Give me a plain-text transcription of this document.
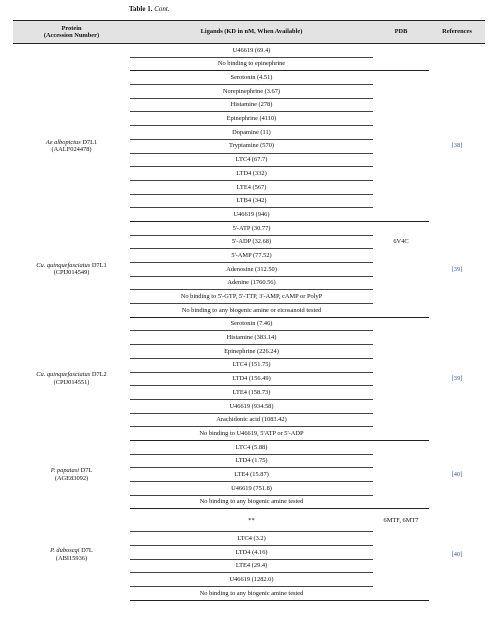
Table 1. Cont.
Protein
(Accession Number)	Ligands (KD in nM, When Available)	PDB	References

	U46619 (69.4)		
	No binding to epinephrine		

Ae albopictus D7L1
(AALF024478)	Serotonin (4.51)		[38]
	Norepinephrine (3.67)		
	Histamine (278)		
	Epinephrine (4110)		
	Dopamine (11)		
	Tryptamine (570)		
	LTC4 (67.7)		
	LTD4 (332)		
	LTE4 (567)		
	LTB4 (342)		
	U46619 (946)		

Cu. quinquefasciatus D7L1
(CPIJ014549)	5'-ATP (30.77)		[39]
	5'-ADP (32.68)	6V4C	
	5'-AMP (77.52)		
	Adenosine (312.50)		
	Adenine (1760.56)		
	No binding to 5'-GTP, 5'-TTP, 3'-AMP, cAMP or PolyP		
	No binding to any biogenic amine or eicosanoid tested		

Cu. quinquefasciatus D7L2
(CPIJ014551)	Serotonin (7.46)		[39]
	Histamine (383.14)		
	Epinephrine (226.24)		
	LTC4 (151.75)		
	LTD4 (156.49)		
	LTE4 (158.73)		
	U46619 (934.58)		
	Arachidonic acid (1083.42)		
	No binding to U46619, 5'ATP or 5'-ADP		

P. papatasi D7L
(AGE83092)	LTC4 (5.88)		[40]
	LTD4 (1.75)		
	LTE4 (15.87)		
	U46619 (751.8)		
	No binding to any biogenic amine tested		

P. duboscqi D7L
(ABI15936)	**	6MTF, 6MT7	[40]
	LTC4 (3.2)		
	LTD4 (4.16)		
	LTE4 (29.4)		
	U46619 (1282.0)		
	No binding to any biogenic amine tested		
